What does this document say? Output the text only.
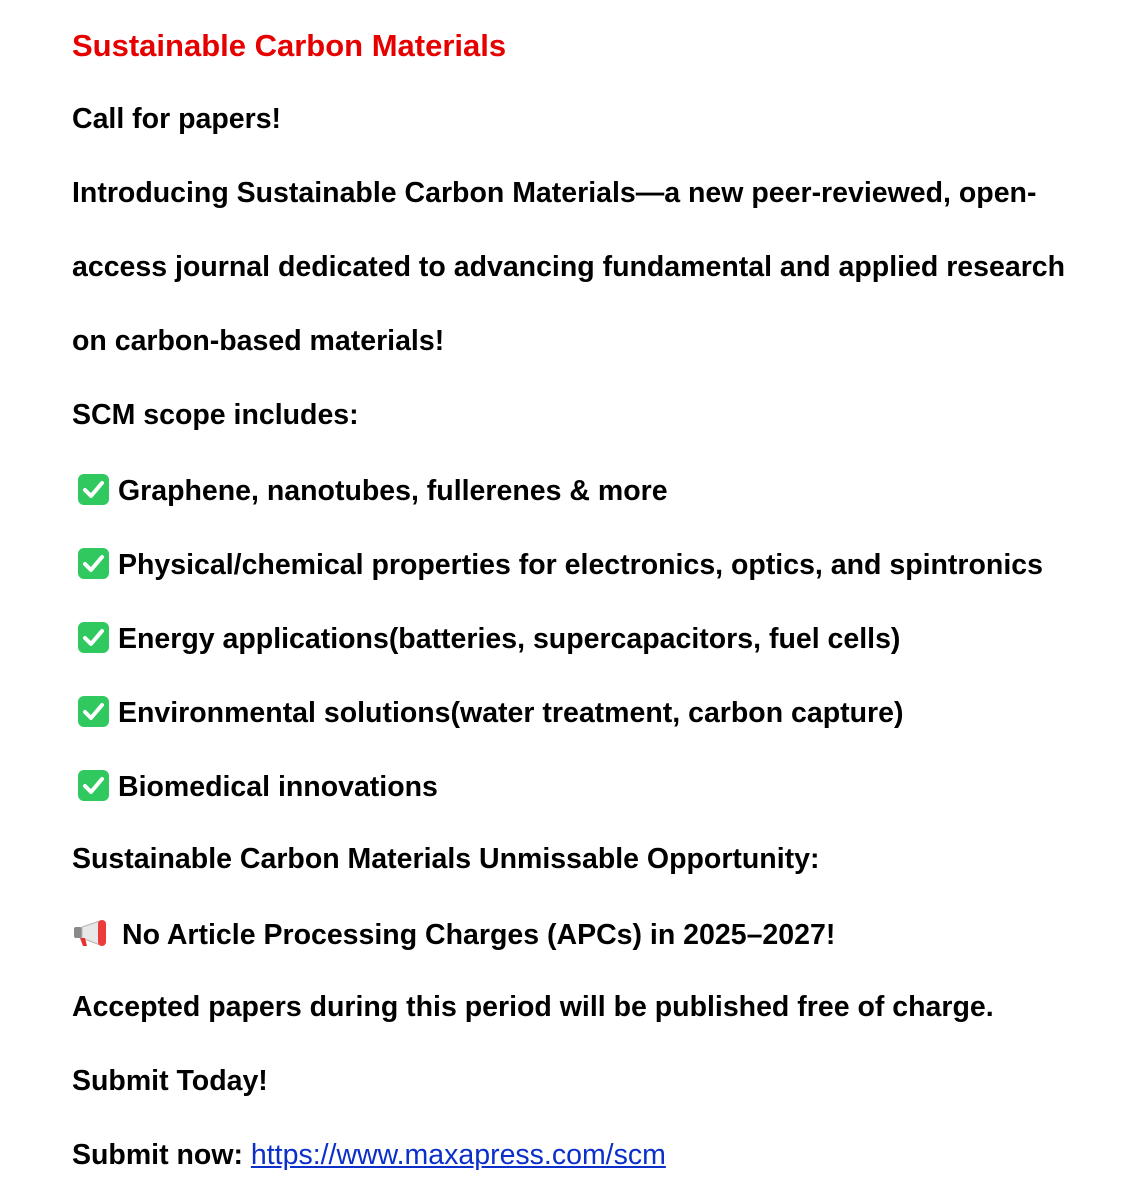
Sustainable Carbon Materials
Call for papers!
Introducing Sustainable Carbon Materials—a new peer-reviewed, open-
access journal dedicated to advancing fundamental and applied research
on carbon-based materials!
SCM scope includes:
Graphene, nanotubes, fullerenes & more
Physical/chemical properties for electronics, optics, and spintronics
Energy applications(batteries, supercapacitors, fuel cells)
Environmental solutions(water treatment, carbon capture)
Biomedical innovations
Sustainable Carbon Materials Unmissable Opportunity:
No Article Processing Charges (APCs) in 2025–2027!
Accepted papers during this period will be published free of charge.
Submit Today!
Submit now: https://www.maxapress.com/scm
